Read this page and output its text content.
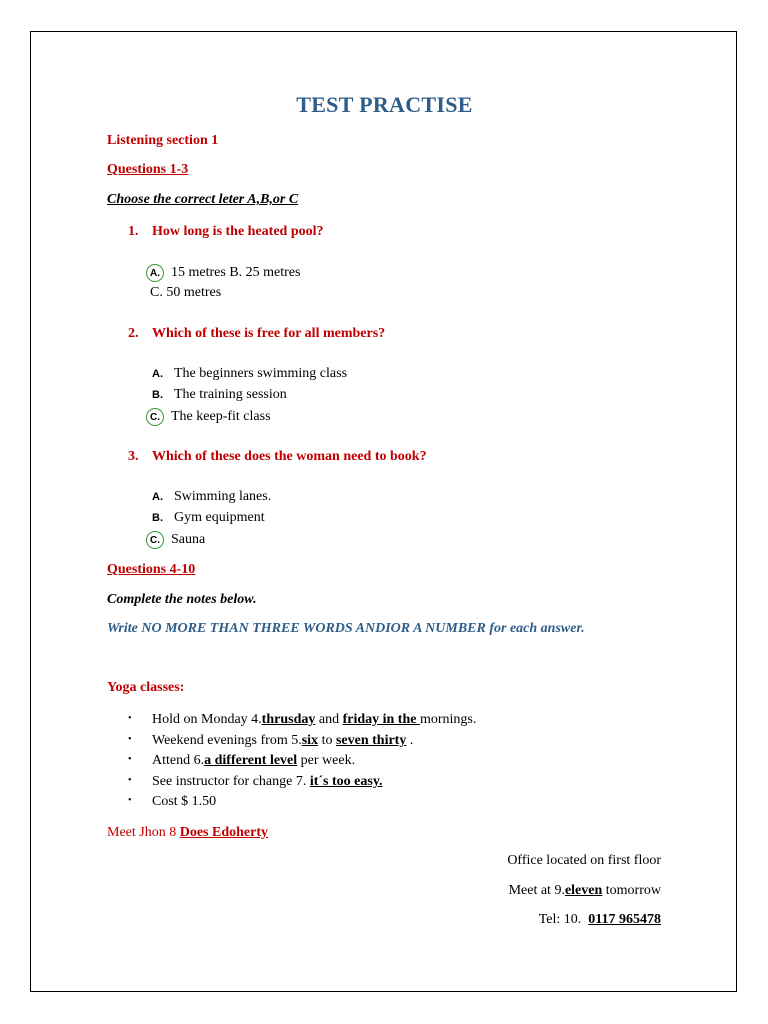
TEST PRACTISE
Listening section 1
Questions 1-3
Choose the correct leter A,B,or C
1. How long is the heated pool?
A. 15 metres B. 25 metres
C. 50 metres
2. Which of these is free for all members?
A. The beginners swimming class
B. The training session
C. The keep-fit class
3. Which of these does the woman need to book?
A. Swimming lanes.
B. Gym equipment
C. Sauna
Questions 4-10
Complete the notes below.
Write NO MORE THAN THREE WORDS ANDIOR A NUMBER for each answer.
Yoga classes:
• Hold on Monday 4.thrusday and friday in the mornings.
• Weekend evenings from 5.six to seven thirty .
• Attend 6.a different level per week.
• See instructor for change 7. it´s too easy.
• Cost $ 1.50
Meet Jhon 8 Does Edoherty
Office located on first floor
Meet at 9.eleven tomorrow
Tel: 10.  0117 965478
